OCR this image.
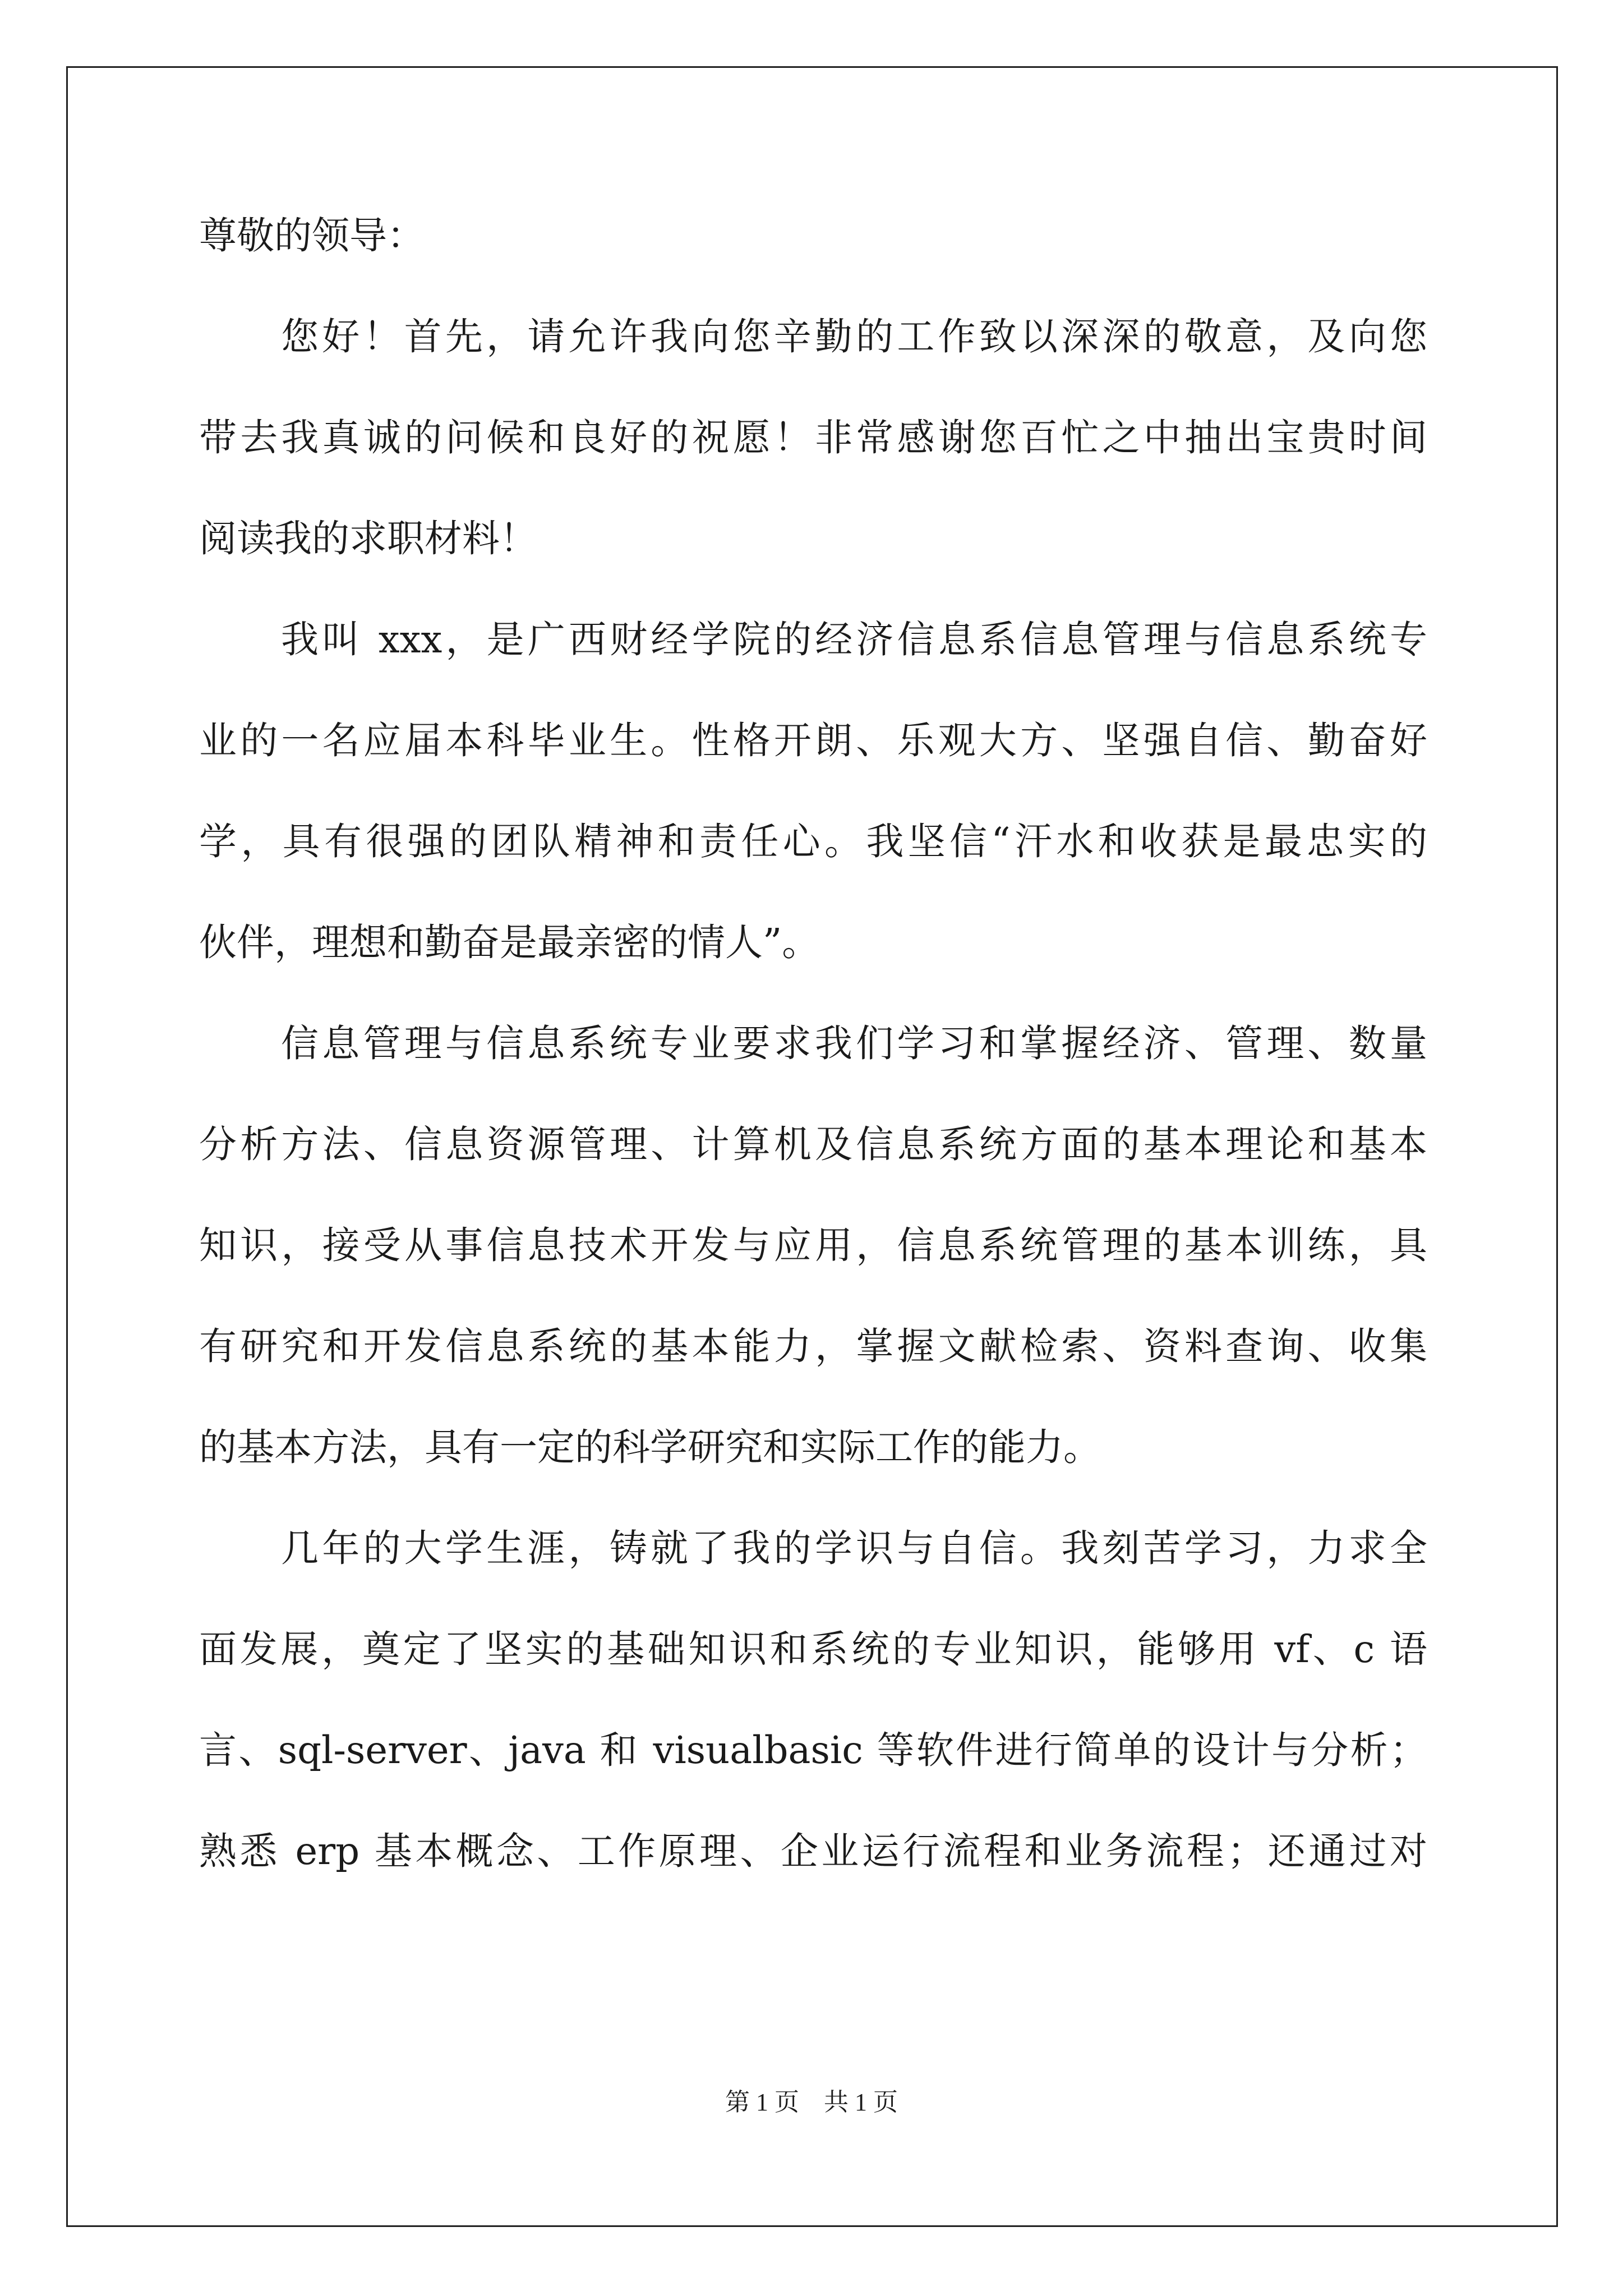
尊敬的领导：
您好！首先，请允许我向您辛勤的工作致以深深的敬意，及向您
带去我真诚的问候和良好的祝愿！非常感谢您百忙之中抽出宝贵时间
阅读我的求职材料！
我叫 xxx，是广西财经学院的经济信息系信息管理与信息系统专
业的一名应届本科毕业生。性格开朗、乐观大方、坚强自信、勤奋好
学，具有很强的团队精神和责任心。我坚信“汗水和收获是最忠实的
伙伴，理想和勤奋是最亲密的情人”。
信息管理与信息系统专业要求我们学习和掌握经济、管理、数量
分析方法、信息资源管理、计算机及信息系统方面的基本理论和基本
知识，接受从事信息技术开发与应用，信息系统管理的基本训练，具
有研究和开发信息系统的基本能力，掌握文献检索、资料查询、收集
的基本方法，具有一定的科学研究和实际工作的能力。
几年的大学生涯，铸就了我的学识与自信。我刻苦学习，力求全
面发展，奠定了坚实的基础知识和系统的专业知识，能够用 vf、c 语
言、sql-server、java 和 visualbasic 等软件进行简单的设计与分析；
熟悉 erp 基本概念、工作原理、企业运行流程和业务流程；还通过对
第 1 页 共 1 页
